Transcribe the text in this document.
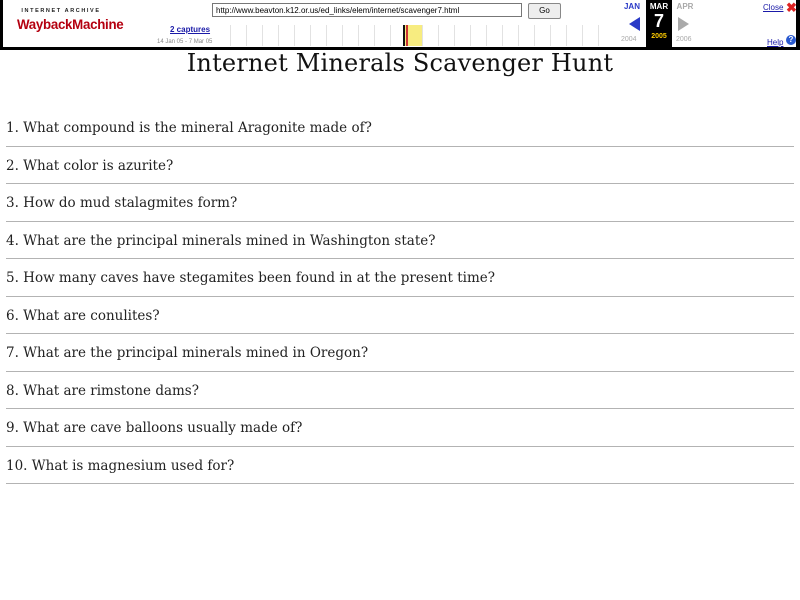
INTERNET ARCHIVE
WaybackMachine	2 captures
14 Jan 05 - 7 Mar 05
http://www.beavton.k12.or.us/ed_links/elem/internet/scavenger7.html	Go	JAN
2004
MAR
7
2005
APR
2006
Close ✖
Help ?
Internet Minerals Scavenger Hunt
1. What compound is the mineral Aragonite made of?
2. What color is azurite?
3. How do mud stalagmites form?
4. What are the principal minerals mined in Washington state?
5. How many caves have stegamites been found in at the present time?
6. What are conulites?
7. What are the principal minerals mined in Oregon?
8. What are rimstone dams?
9. What are cave balloons usually made of?
10. What is magnesium used for?
